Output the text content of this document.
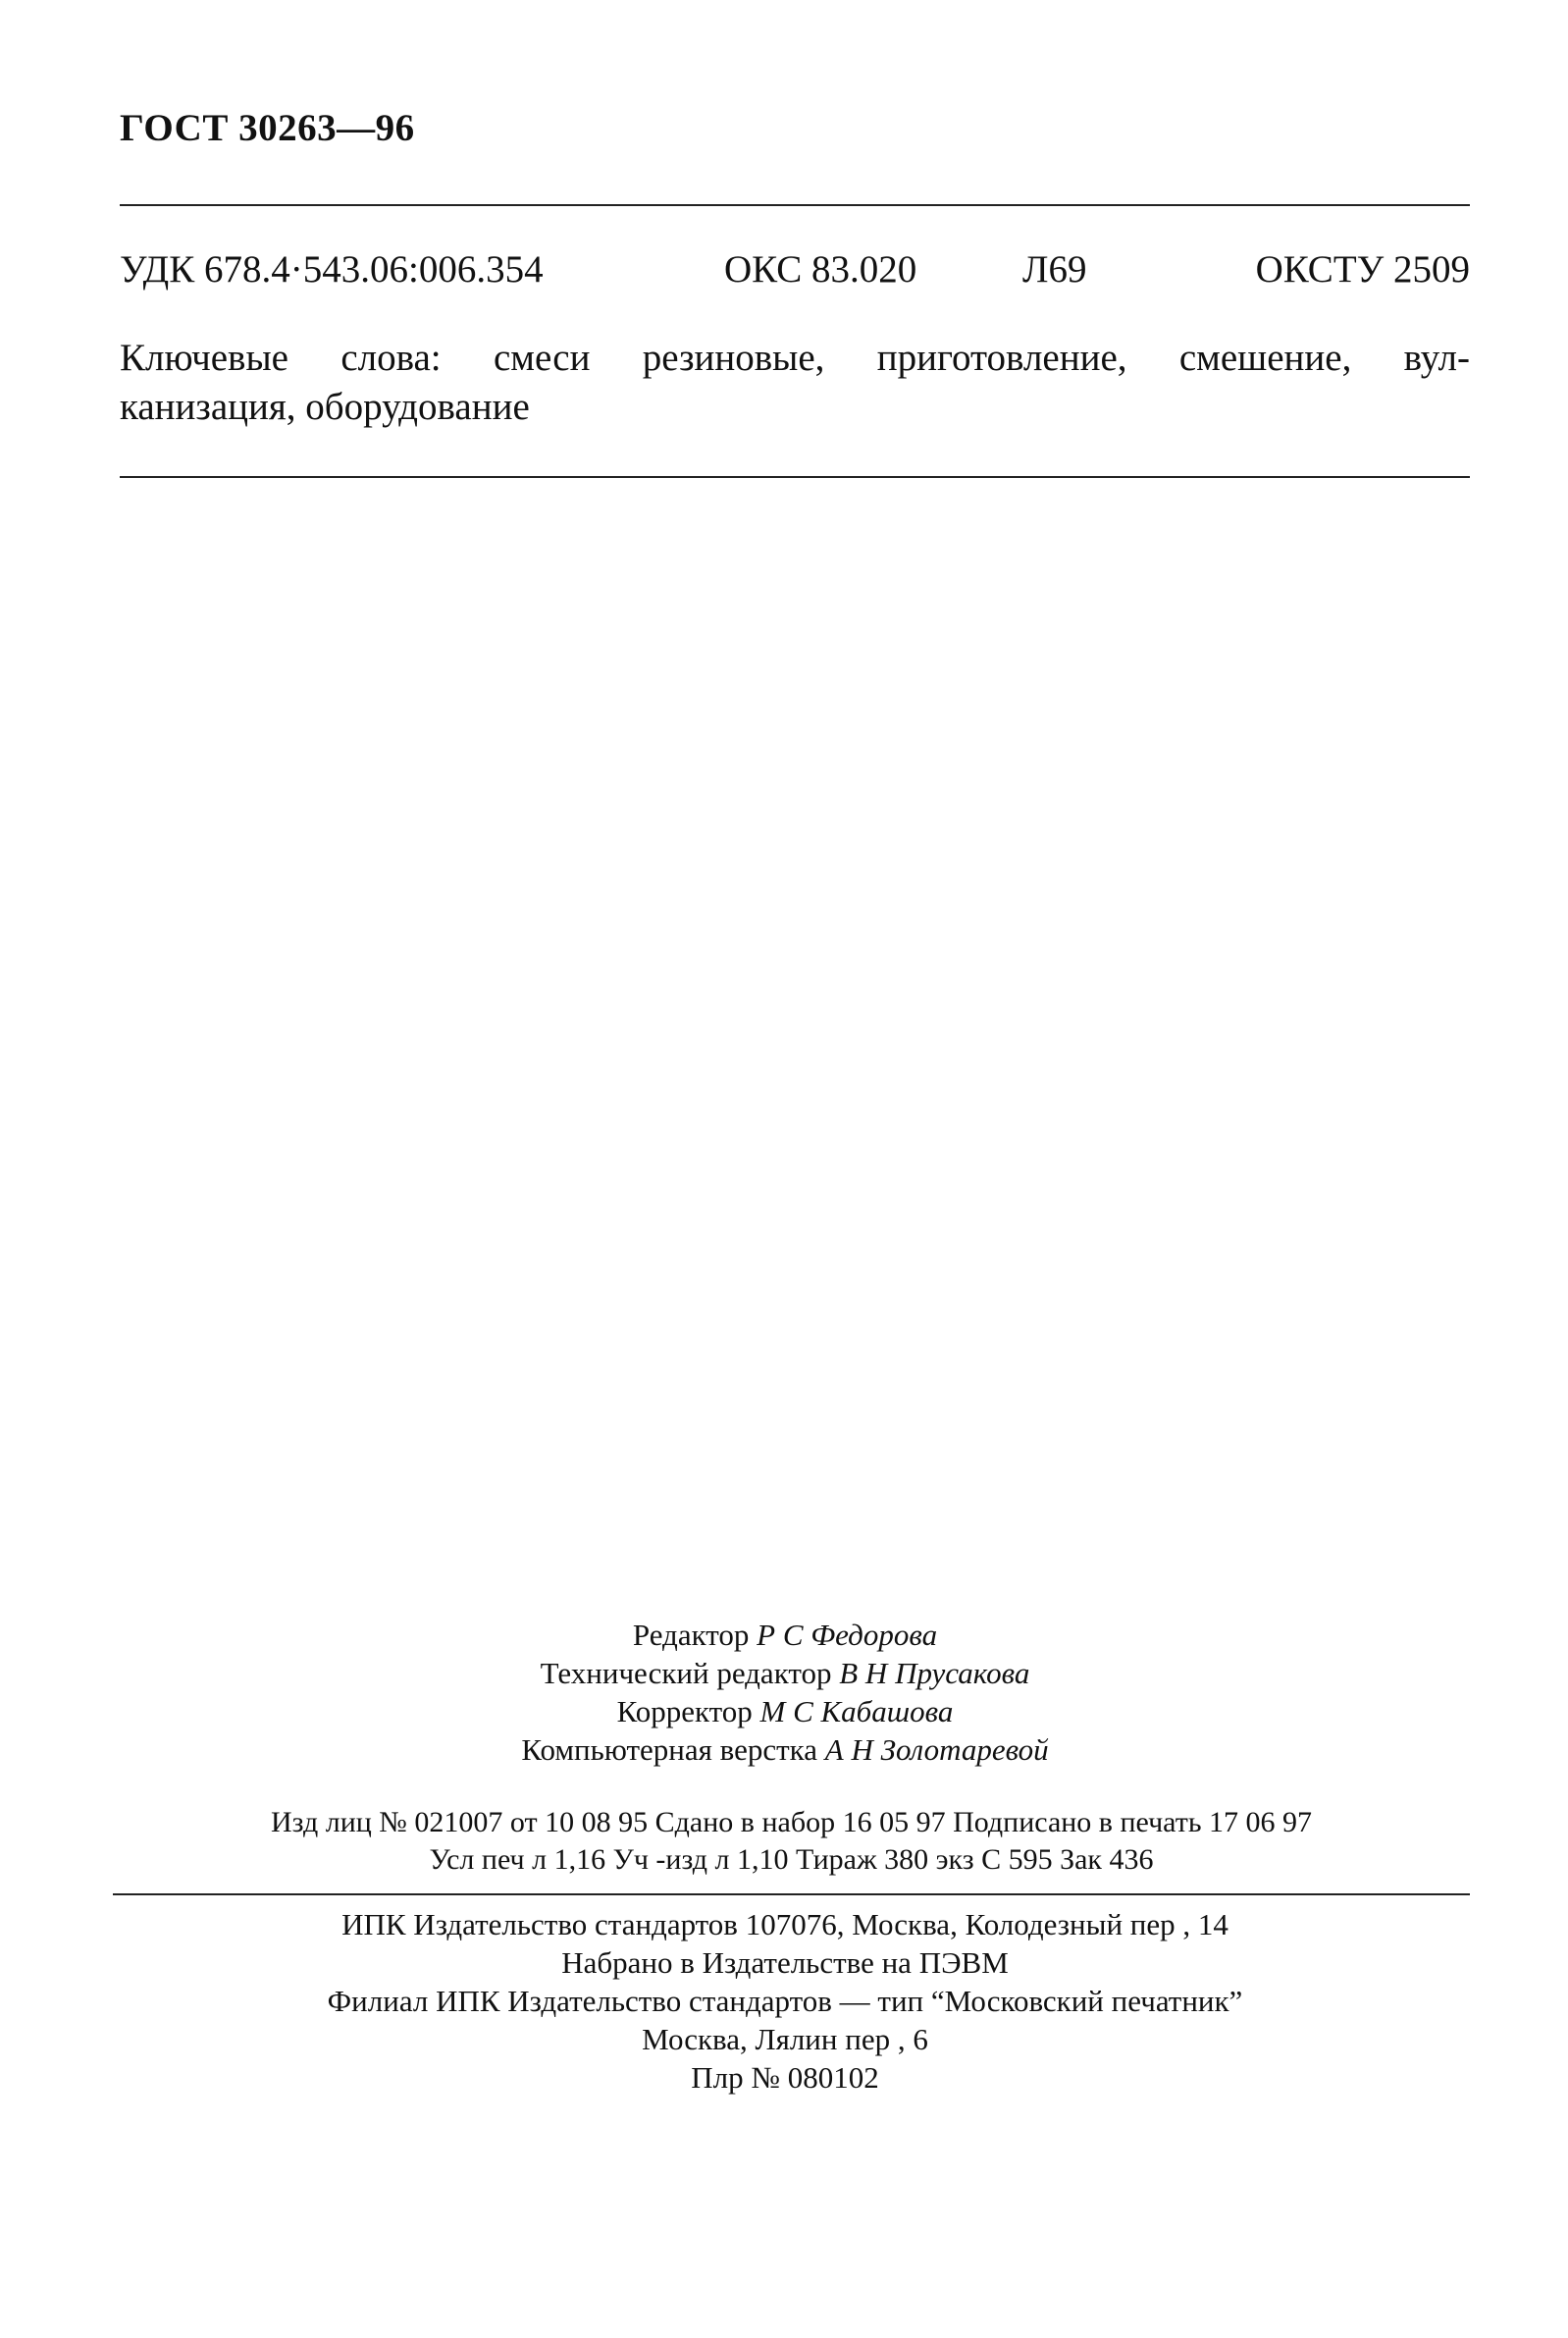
ГОСТ 30263—96
УДК 678.4·543.06:006.354	ОКС 83.020	Л69	ОКСТУ 2509
Ключевые слова: смеси резиновые, приготовление, смешение, вул-
канизация, оборудование
Редактор Р С Федорова
Технический редактор В Н Прусакова
Корректор М С Кабашова
Компьютерная верстка А Н Золотаревой
Изд лиц № 021007 от 10 08 95 Сдано в набор 16 05 97 Подписано в печать 17 06 97
Усл печ л 1,16 Уч -изд л 1,10 Тираж 380 экз С 595 Зак 436
ИПК Издательство стандартов 107076, Москва, Колодезный пер , 14
Набрано в Издательстве на ПЭВМ
Филиал ИПК Издательство стандартов — тип “Московский печатник”
Москва, Лялин пер , 6
Плр № 080102
